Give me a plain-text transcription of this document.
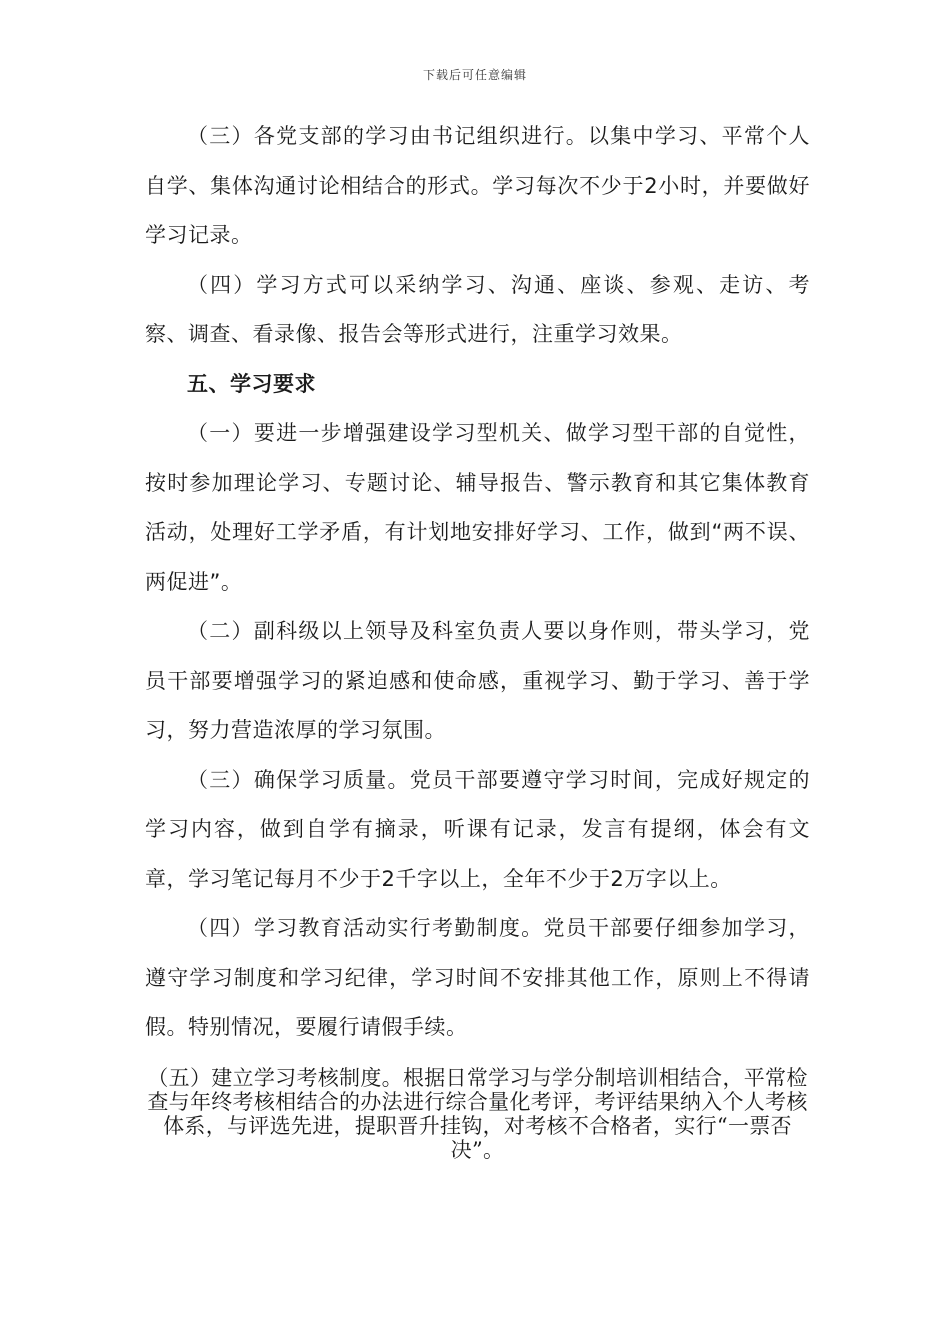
下载后可任意编辑

（三）各党支部的学习由书记组织进行。以集中学习、平常个人自学、集体沟通讨论相结合的形式。学习每次不少于2小时，并要做好学习记录。

（四）学习方式可以采纳学习、沟通、座谈、参观、走访、考察、调查、看录像、报告会等形式进行，注重学习效果。

五、学习要求

（一）要进一步增强建设学习型机关、做学习型干部的自觉性，按时参加理论学习、专题讨论、辅导报告、警示教育和其它集体教育活动，处理好工学矛盾，有计划地安排好学习、工作，做到“两不误、两促进”。

（二）副科级以上领导及科室负责人要以身作则，带头学习，党员干部要增强学习的紧迫感和使命感，重视学习、勤于学习、善于学习，努力营造浓厚的学习氛围。

（三）确保学习质量。党员干部要遵守学习时间，完成好规定的学习内容，做到自学有摘录，听课有记录，发言有提纲，体会有文章，学习笔记每月不少于2千字以上，全年不少于2万字以上。

（四）学习教育活动实行考勤制度。党员干部要仔细参加学习，遵守学习制度和学习纪律，学习时间不安排其他工作，原则上不得请假。特别情况，要履行请假手续。

（五）建立学习考核制度。根据日常学习与学分制培训相结合，平常检查与年终考核相结合的办法进行综合量化考评，考评结果纳入个人考核体系，与评选先进，提职晋升挂钩，对考核不合格者，实行“一票否决”。
